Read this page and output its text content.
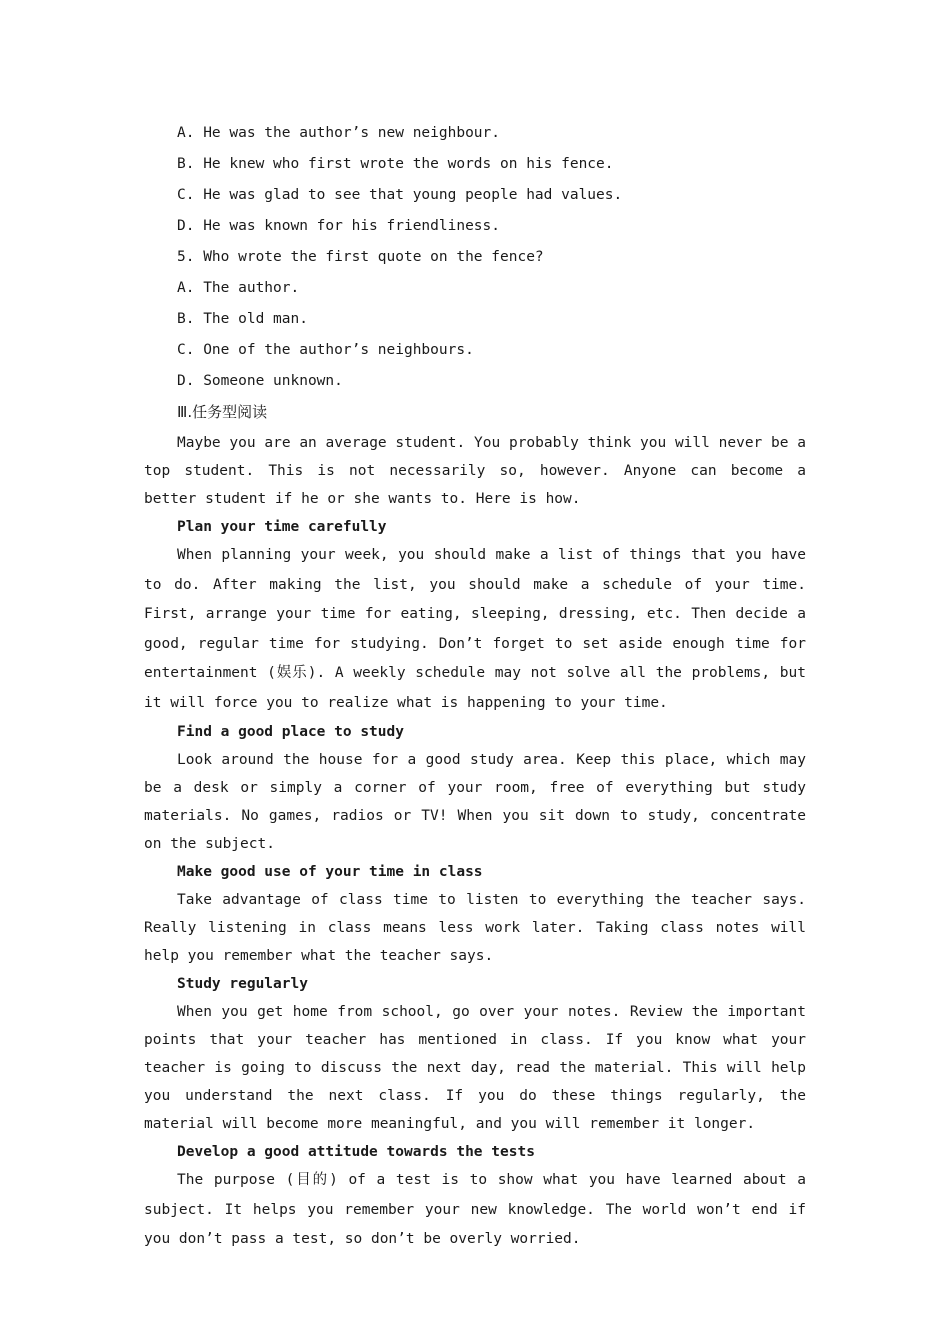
A. He was the author’s new neighbour.
B. He knew who first wrote the words on his fence.
C. He was glad to see that young people had values.
D. He was known for his friendliness.
5. Who wrote the first quote on the fence?
A. The author.
B. The old man.
C. One of the author’s neighbours.
D. Someone unknown.
Ⅲ.任务型阅读

Maybe you are an average student. You probably think you will never be a top student. This is not necessarily so, however. Anyone can become a better student if he or she wants to. Here is how.

Plan your time carefully

When planning your week, you should make a list of things that you have to do. After making the list, you should make a schedule of your time. First, arrange your time for eating, sleeping, dressing, etc. Then decide a good, regular time for studying. Don’t forget to set aside enough time for entertainment (娱乐). A weekly schedule may not solve all the problems, but it will force you to realize what is happening to your time.

Find a good place to study

Look around the house for a good study area. Keep this place, which may be a desk or simply a corner of your room, free of everything but study materials. No games, radios or TV! When you sit down to study, concentrate on the subject.

Make good use of your time in class

Take advantage of class time to listen to everything the teacher says. Really listening in class means less work later. Taking class notes will help you remember what the teacher says.

Study regularly

When you get home from school, go over your notes. Review the important points that your teacher has mentioned in class. If you know what your teacher is going to discuss the next day, read the material. This will help you understand the next class. If you do these things regularly, the material will become more meaningful, and you will remember it longer.

Develop a good attitude towards the tests

The purpose (目的) of a test is to show what you have learned about a subject. It helps you remember your new knowledge. The world won’t end if you don’t pass a test, so don’t be overly worried.
